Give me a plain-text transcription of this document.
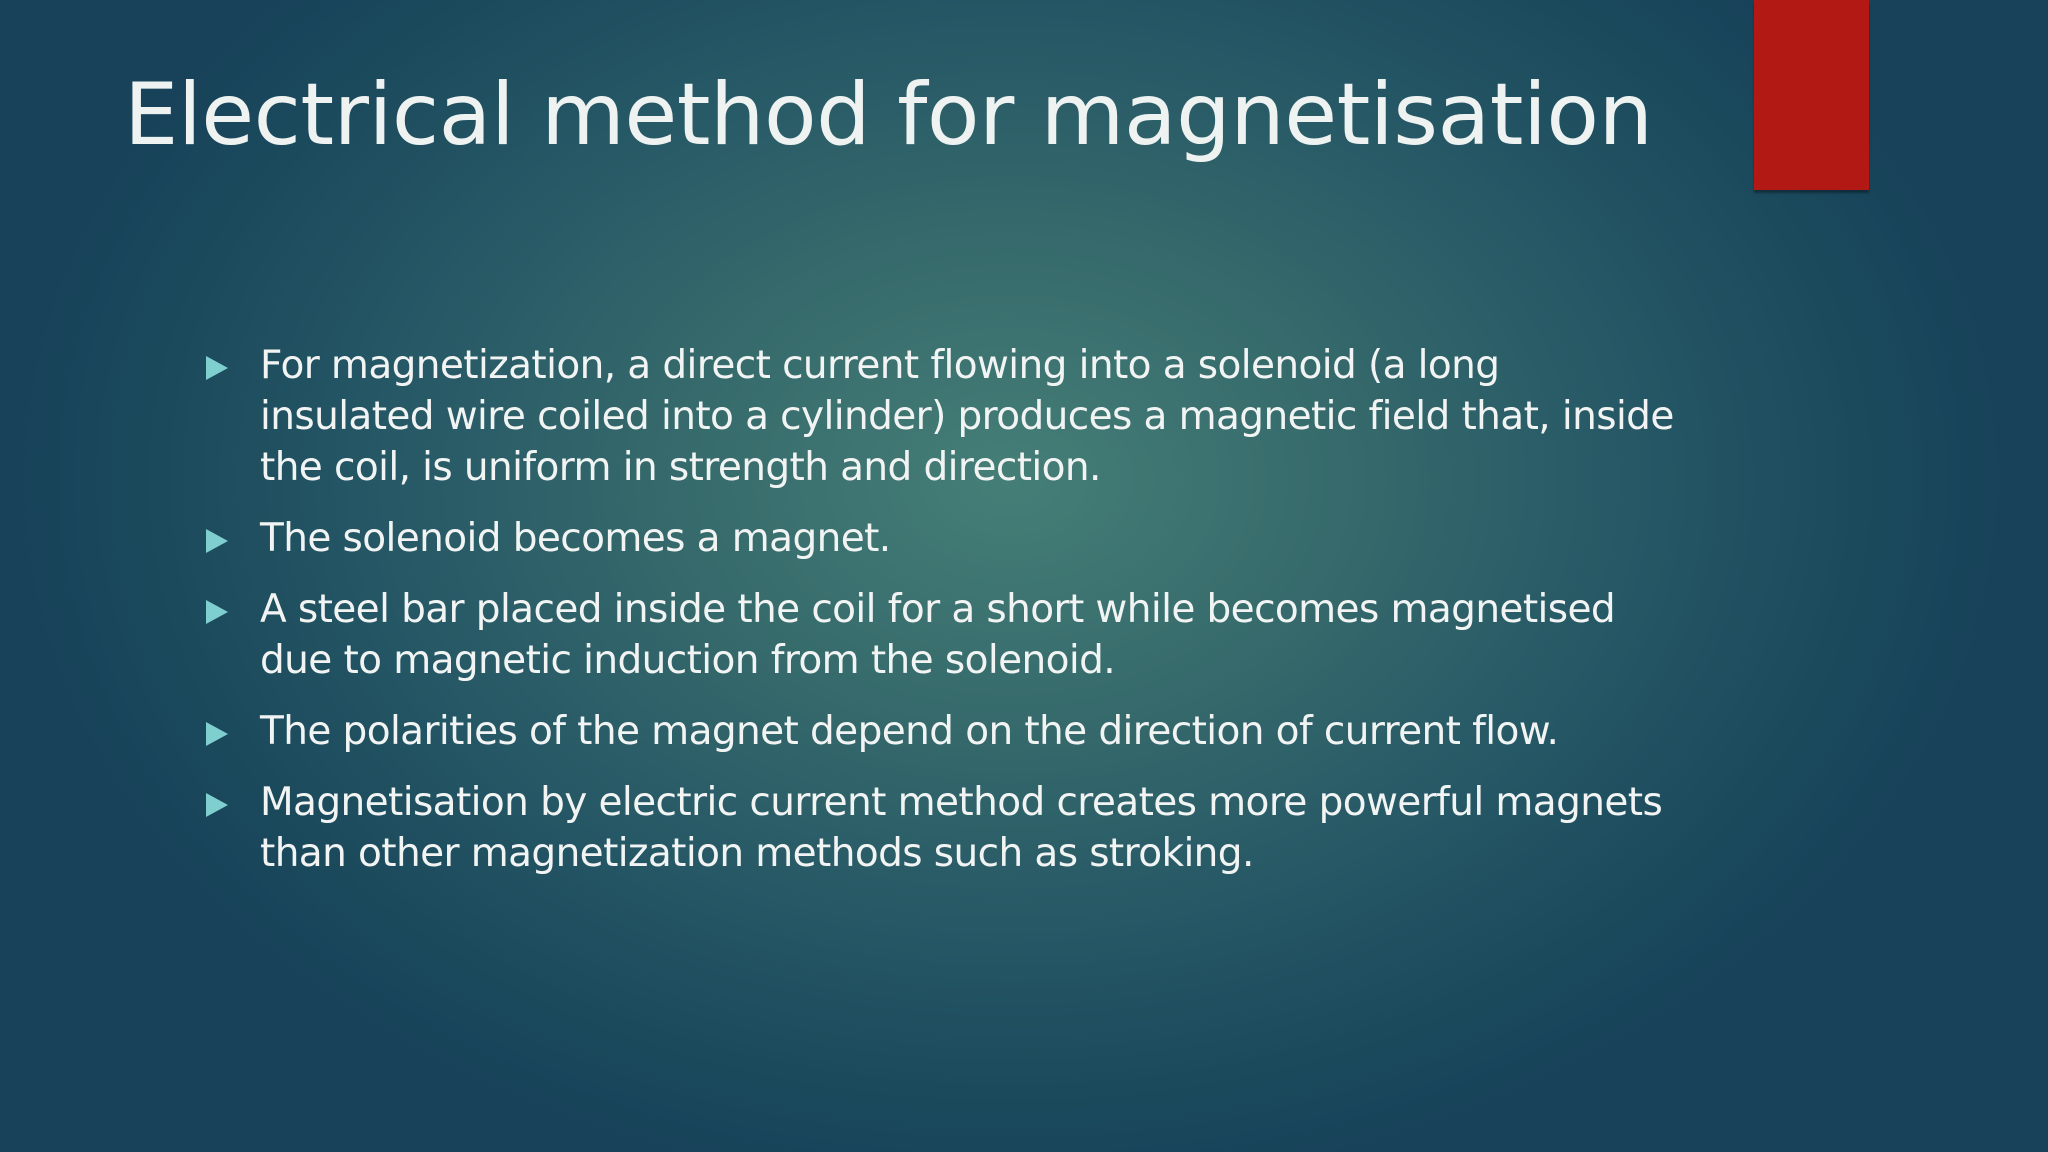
Electrical method for magnetisation
For magnetization, a direct current flowing into a solenoid (a long insulated wire coiled into a cylinder) produces a magnetic field that, inside the coil, is uniform in strength and direction.
The solenoid becomes a magnet.
A steel bar placed inside the coil for a short while becomes magnetised due to magnetic induction from the solenoid.
The polarities of the magnet depend on the direction of current flow.
Magnetisation by electric current method creates more powerful magnets than other magnetization methods such as stroking.
